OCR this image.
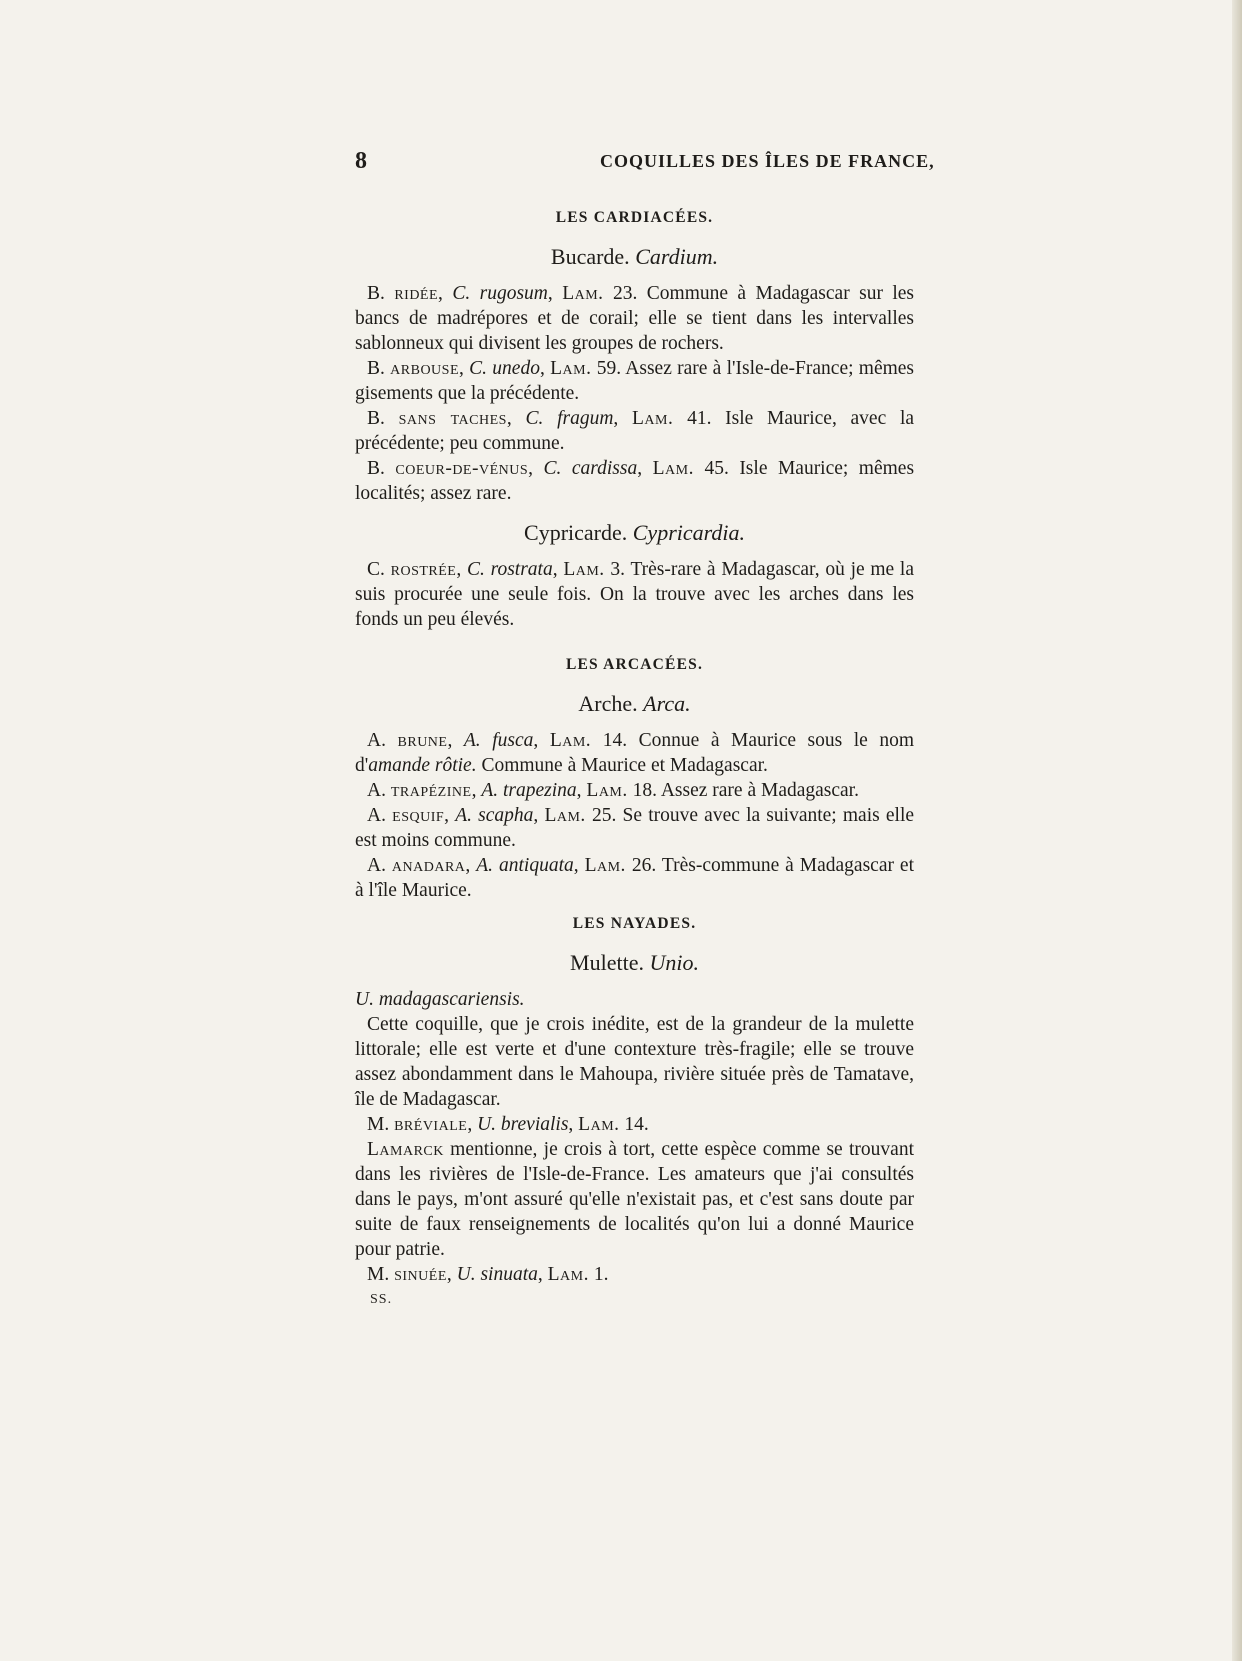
8	COQUILLES DES ÎLES DE FRANCE,
LES CARDIACÉES.
Bucarde. Cardium.

B. ridée, C. rugosum, Lam. 23. Commune à Madagascar sur les bancs de madrépores et de corail; elle se tient dans les intervalles sablonneux qui divisent les groupes de rochers.

B. arbouse, C. unedo, Lam. 59. Assez rare à l'Isle-de-France; mêmes gisements que la précédente.

B. sans taches, C. fragum, Lam. 41. Isle Maurice, avec la précédente; peu commune.

B. coeur-de-vénus, C. cardissa, Lam. 45. Isle Maurice; mêmes localités; assez rare.

Cypricarde. Cypricardia.

C. rostrée, C. rostrata, Lam. 3. Très-rare à Madagascar, où je me la suis procurée une seule fois. On la trouve avec les arches dans les fonds un peu élevés.

LES ARCACÉES.
Arche. Arca.

A. brune, A. fusca, Lam. 14. Connue à Maurice sous le nom d'amande rôtie. Commune à Maurice et Madagascar.

A. trapézine, A. trapezina, Lam. 18. Assez rare à Madagascar.

A. esquif, A. scapha, Lam. 25. Se trouve avec la suivante; mais elle est moins commune.

A. anadara, A. antiquata, Lam. 26. Très-commune à Madagascar et à l'île Maurice.

LES NAYADES.
Mulette. Unio.
U. madagascariensis.

Cette coquille, que je crois inédite, est de la grandeur de la mulette littorale; elle est verte et d'une contexture très-fragile; elle se trouve assez abondamment dans le Mahoupa, rivière située près de Tamatave, île de Madagascar.

M. bréviale, U. brevialis, Lam. 14.

Lamarck mentionne, je crois à tort, cette espèce comme se trouvant dans les rivières de l'Isle-de-France. Les amateurs que j'ai consultés dans le pays, m'ont assuré qu'elle n'existait pas, et c'est sans doute par suite de faux renseignements de localités qu'on lui a donné Maurice pour patrie.

M. sinuée, U. sinuata, Lam. 1.

SS.
